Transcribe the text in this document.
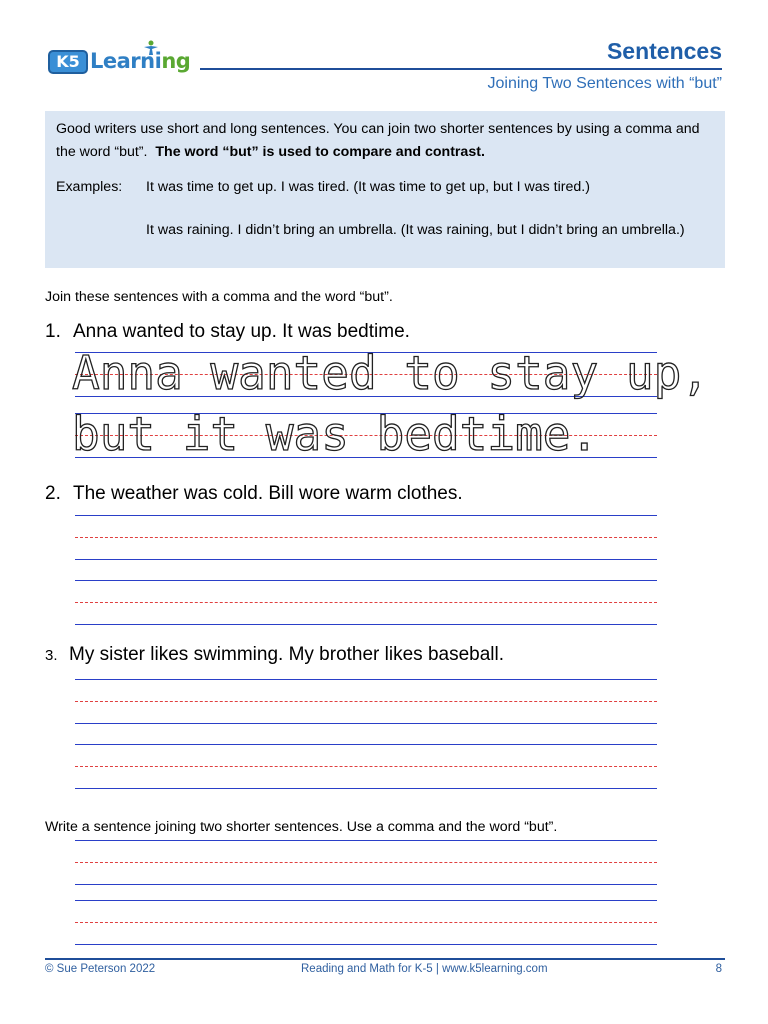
K5 Learning	Sentences
Joining Two Sentences with “but”

Good writers use short and long sentences. You can join two shorter sentences by using a comma and the word “but”. The word “but” is used to compare and contrast.

Examples: It was time to get up. I was tired. (It was time to get up, but I was tired.)
It was raining. I didn’t bring an umbrella. (It was raining, but I didn’t bring an umbrella.)
Join these sentences with a comma and the word “but”.
1. Anna wanted to stay up. It was bedtime.
Anna wanted to stay up,
but it was bedtime.
2. The weather was cold. Bill wore warm clothes.
3. My sister likes swimming. My brother likes baseball.
Write a sentence joining two shorter sentences. Use a comma and the word “but”.
© Sue Peterson 2022	Reading and Math for K-5 | www.k5learning.com	8
